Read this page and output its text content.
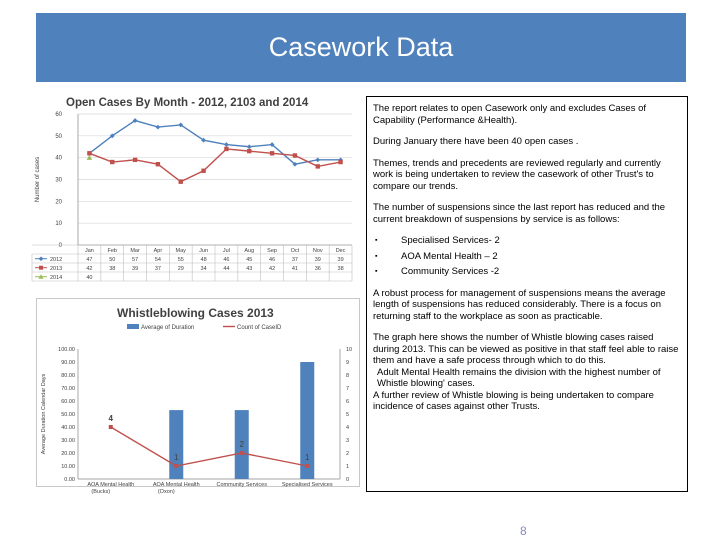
Casework Data
Open Cases By Month - 2012, 2103 and 2014
Number of cases
0
10
20
30
40
50
60
Jan Feb Mar	Apr May Jun	Jul	Aug Sep Oct Nov Dec
2012	47	50	57	54	55	48	46	45	46	37	39	39
2013	42	38	39	37	29	34	44	43	42	41	36	38
2014	40
Whistleblowing Cases 2013
Average of Duration	Count of CaseID
Average Duration Calendar Days
0.00
10.00
20.00
30.00
40.00
50.00
60.00
70.00
80.00
90.00
100.00
0
1
2
3
4
5
6
7
8
9
10
4
1
2
1
AOA Mental Health
(Bucks)
AOA Mental Health
(Oxon)
Community Services	Specialised Services

The report relates to open Casework only and excludes Cases of Capability (Performance &Health).

During January there have been 40 open cases .

Themes, trends and precedents are reviewed regularly and currently work is being undertaken to review the casework of other Trust's to compare our trends.

The number of suspensions since the last report has reduced and the current breakdown of suspensions by service is as follows:

▪	Specialised Services- 2
▪	AOA Mental Health – 2
▪	Community Services -2

A robust process for management of suspensions means the average length of suspensions has reduced considerably. There is a focus on returning staff to the workplace as soon as practicable.

The graph here shows the number of Whistle blowing cases raised during 2013. This can be viewed as positive in that staff feel able to raise them and have a safe process through which to do this.

Adult Mental Health remains the division with the highest number of Whistle blowing' cases.

A further review of Whistle blowing is being undertaken to compare incidence of cases against other Trusts.

8
